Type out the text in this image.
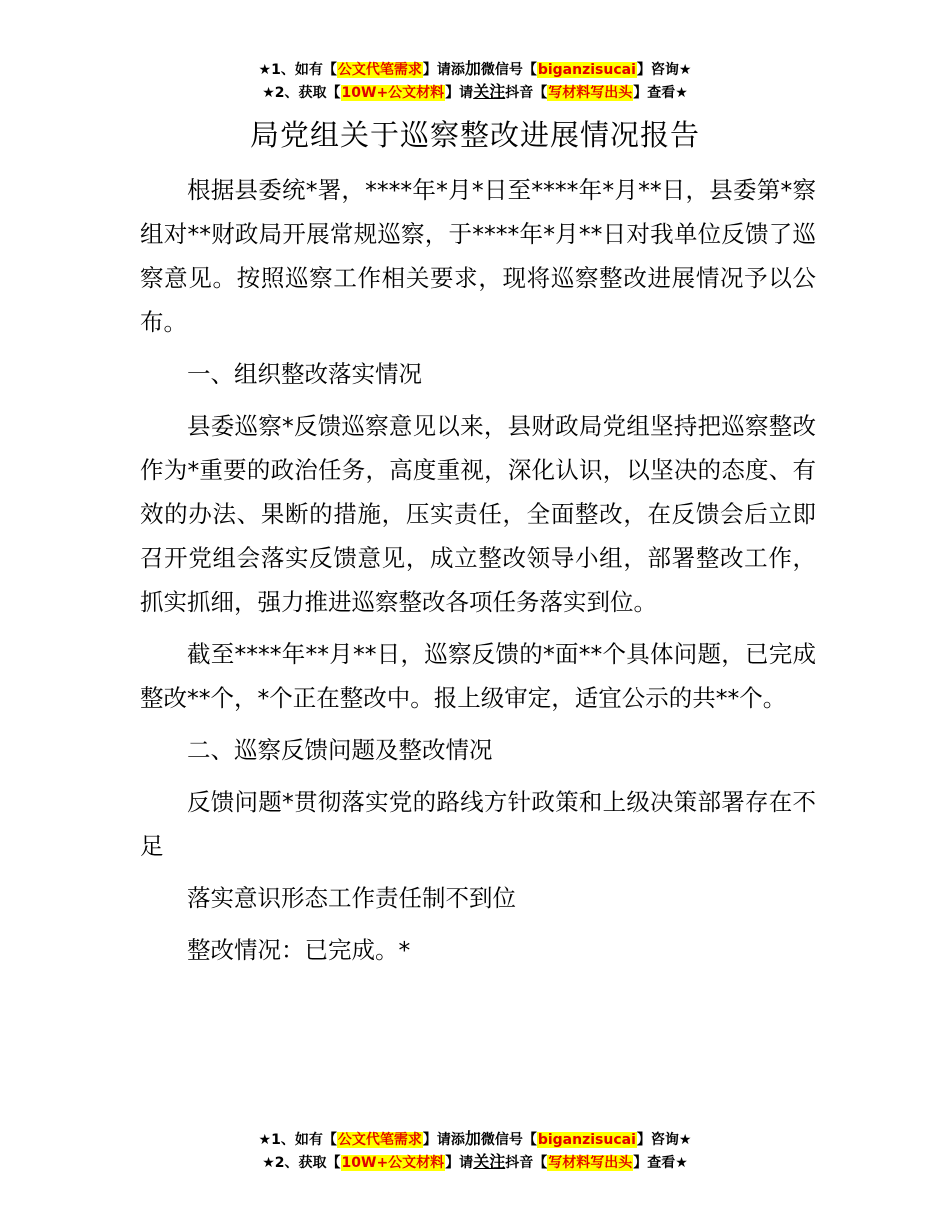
★1、如有【公文代笔需求】请添加微信号【biganzisucai】咨询★
★2、获取【10W+公文材料】请关注抖音【写材料写出头】查看★
局党组关于巡察整改进展情况报告

根据县委统*署，****年*月*日至****年*月**日，县委第*察组对**财政局开展常规巡察，于****年*月**日对我单位反馈了巡察意见。按照巡察工作相关要求，现将巡察整改进展情况予以公布。

一、组织整改落实情况

县委巡察*反馈巡察意见以来，县财政局党组坚持把巡察整改作为*重要的政治任务，高度重视，深化认识，以坚决的态度、有效的办法、果断的措施，压实责任，全面整改，在反馈会后立即召开党组会落实反馈意见，成立整改领导小组，部署整改工作，抓实抓细，强力推进巡察整改各项任务落实到位。

截至****年**月**日，巡察反馈的*面**个具体问题，已完成整改**个，*个正在整改中。报上级审定，适宜公示的共**个。

二、巡察反馈问题及整改情况

反馈问题*贯彻落实党的路线方针政策和上级决策部署存在不足

落实意识形态工作责任制不到位

整改情况：已完成。*

★1、如有【公文代笔需求】请添加微信号【biganzisucai】咨询★
★2、获取【10W+公文材料】请关注抖音【写材料写出头】查看★
